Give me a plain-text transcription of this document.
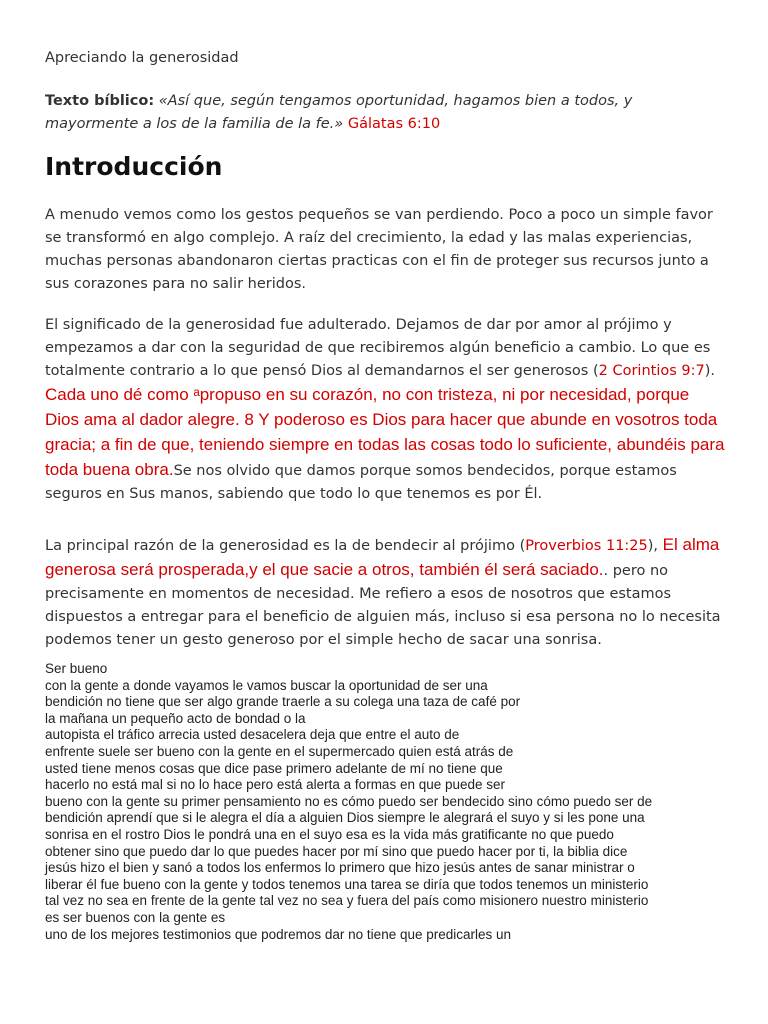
Apreciando la generosidad
Texto bíblico: «Así que, según tengamos oportunidad, hagamos bien a todos, y mayormente a los de la familia de la fe.» Gálatas 6:10
Introducción
A menudo vemos como los gestos pequeños se van perdiendo. Poco a poco un simple favor se transformó en algo complejo. A raíz del crecimiento, la edad y las malas experiencias, muchas personas abandonaron ciertas practicas con el fin de proteger sus recursos junto a sus corazones para no salir heridos.
El significado de la generosidad fue adulterado. Dejamos de dar por amor al prójimo y empezamos a dar con la seguridad de que recibiremos algún beneficio a cambio. Lo que es totalmente contrario a lo que pensó Dios al demandarnos el ser generosos (2 Corintios 9:7). Cada uno dé como ᵃpropuso en su corazón, no con tristeza, ni por necesidad, porque Dios ama al dador alegre. 8 Y poderoso es Dios para hacer que abunde en vosotros toda gracia; a fin de que, teniendo siempre en todas las cosas todo lo suficiente, abundéis para toda buena obra.Se nos olvido que damos porque somos bendecidos, porque estamos seguros en Sus manos, sabiendo que todo lo que tenemos es por Él.
La principal razón de la generosidad es la de bendecir al prójimo (Proverbios 11:25), El alma generosa será prosperada,y el que sacie a otros, también él será saciado.. pero no precisamente en momentos de necesidad. Me refiero a esos de nosotros que estamos dispuestos a entregar para el beneficio de alguien más, incluso si esa persona no lo necesita podemos tener un gesto generoso por el simple hecho de sacar una sonrisa.
Ser bueno
con la gente a donde vayamos le vamos buscar la oportunidad de ser una
bendición no tiene que ser algo grande traerle a su colega una taza de café por
la mañana un pequeño acto de bondad o la
autopista el tráfico arrecia usted desacelera deja que entre el auto de
enfrente suele ser bueno con la gente en el supermercado quien está atrás de
usted tiene menos cosas que dice pase primero adelante de mí no tiene que
hacerlo no está mal si no lo hace pero está alerta a formas en que puede ser
bueno con la gente su primer pensamiento no es cómo puedo ser bendecido sino cómo puedo ser de
bendición aprendí que si le alegra el día a alguien Dios siempre le alegrará el suyo y si les pone una
sonrisa en el rostro Dios le pondrá una en el suyo esa es la vida más gratificante no que puedo
obtener sino que puedo dar lo que puedes hacer por mí sino que puedo hacer por ti, la biblia dice
jesús hizo el bien y sanó a todos los enfermos lo primero que hizo jesús antes de sanar ministrar o
liberar él fue bueno con la gente y todos tenemos una tarea se diría que todos tenemos un ministerio
tal vez no sea en frente de la gente tal vez no sea y fuera del país como misionero nuestro ministerio
es ser buenos con la gente es
uno de los mejores testimonios que podremos dar no tiene que predicarles un
